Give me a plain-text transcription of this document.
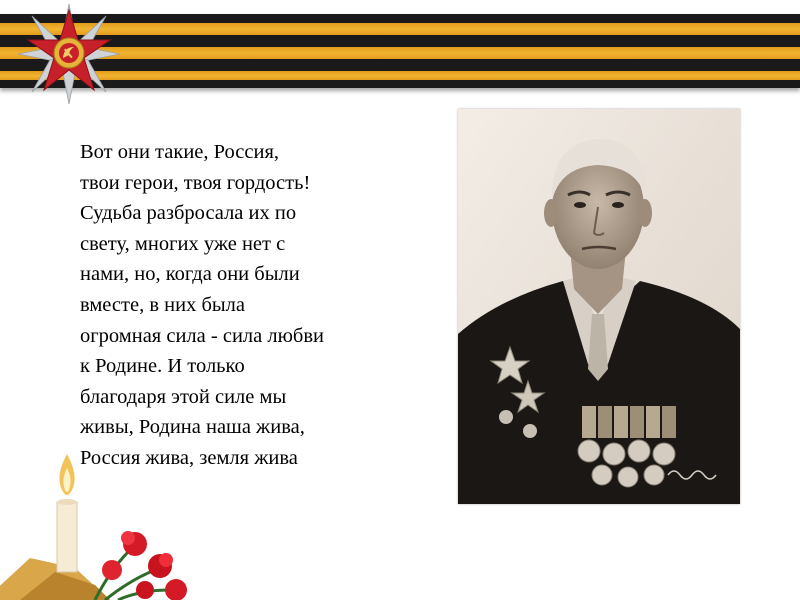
Вот они такие, Россия,
твои герои, твоя гордость!
Судьба разбросала их по
свету, многих уже нет с
нами, но, когда они были
вместе, в них была
огромная сила - сила любви
к Родине. И только
благодаря этой силе мы
живы, Родина наша жива,
Россия жива, земля жива
